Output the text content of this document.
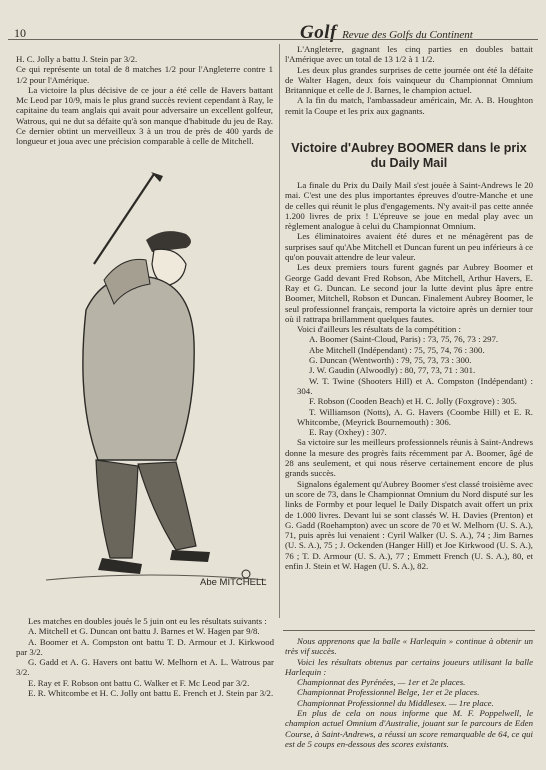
10	Golf Revue des Golfs du Continent

H. C. Jolly a battu J. Stein par 3/2.

Ce qui représente un total de 8 matches 1/2 pour l'Angleterre contre 1 1/2 pour l'Amérique.

La victoire la plus décisive de ce jour a été celle de Havers battant Mc Leod par 10/9, mais le plus grand succès revient cependant à Ray, le capitaine du team anglais qui avait pour adversaire un excellent golfeur, Watrous, qui ne dut sa défaite qu'à son manque d'habitude du jeu de Ray. Ce dernier obtint un merveilleux 3 à un trou de près de 400 yards de longueur et joua avec une précision comparable à celle de Mitchell.

Abe MITCHELL

L'Angleterre, gagnant les cinq parties en doubles battait l'Amérique avec un total de 13 1/2 à 1 1/2.

Les deux plus grandes surprises de cette journée ont été la défaite de Walter Hagen, deux fois vainqueur du Championnat Omnium Britannique et celle de J. Barnes, le champion actuel.

A la fin du match, l'ambassadeur américain, Mr. A. B. Houghton remit la Coupe et les prix aux gagnants.

Victoire d'Aubrey BOOMER dans le prix du Daily Mail

La finale du Prix du Daily Mail s'est jouée à Saint-Andrews le 20 mai. C'est une des plus importantes épreuves d'outre-Manche et une de celles qui réunit le plus d'engagements. N'y avait-il pas cette année 1.200 livres de prix ! L'épreuve se joue en medal play avec un règlement analogue à celui du Championnat Omnium.

Les éliminatoires avaient été dures et ne ménagèrent pas de surprises sauf qu'Abe Mitchell et Duncan furent un peu inférieurs à ce qu'on pouvait attendre de leur valeur.

Les deux premiers tours furent gagnés par Aubrey Boomer et George Gadd devant Fred Robson, Abe Mitchell, Arthur Havers, E. Ray et G. Duncan. Le second jour la lutte devint plus âpre entre Boomer, Mitchell, Robson et Duncan. Finalement Aubrey Boomer, le seul professionnel français, remporta la victoire après un dernier tour où il rattrapa brillamment quelques fautes.

Voici d'ailleurs les résultats de la compétition :

A. Boomer (Saint-Cloud, Paris) : 73, 75, 76, 73 : 297.

Abe Mitchell (Indépendant) : 75, 75, 74, 76 : 300.

G. Duncan (Wentworth) : 79, 75, 73, 73 : 300.

J. W. Gaudin (Alwoodly) : 80, 77, 73, 71 : 301.

W. T. Twine (Shooters Hill) et A. Compston (Indépendant) : 304.

F. Robson (Cooden Beach) et H. C. Jolly (Foxgrove) : 305.

T. Williamson (Notts), A. G. Havers (Coombe Hill) et E. R. Whitcombe, (Meyrick Bournemouth) : 306.

E. Ray (Oxhey) : 307.

Sa victoire sur les meilleurs professionnels réunis à Saint-Andrews donne la mesure des progrès faits récemment par A. Boomer, âgé de 28 ans seulement, et qui nous réserve certainement encore de plus grands succès.

Signalons également qu'Aubrey Boomer s'est classé troisième avec un score de 73, dans le Championnat Omnium du Nord disputé sur les links de Formby et pour lequel le Daily Dispatch avait offert un prix de 1.000 livres. Devant lui se sont classés W. H. Davies (Prenton) et G. Gadd (Roehampton) avec un score de 70 et W. Melhorn (U. S. A.), 71, puis après lui venaient : Cyril Walker (U. S. A.), 74 ; Jim Barnes (U. S. A.), 75 ; J. Ockenden (Hanger Hill) et Joe Kirkwood (U. S. A.), 76 ; T. D. Armour (U. S. A.), 77 ; Emmett French (U. S. A.), 80, et enfin J. Stein et W. Hagen (U. S. A.), 82.

Les matches en doubles joués le 5 juin ont eu les résultats suivants :

A. Mitchell et G. Duncan ont battu J. Barnes et W. Hagen par 9/8.

A. Boomer et A. Compston ont battu T. D. Armour et J. Kirkwood par 3/2.

G. Gadd et A. G. Havers ont battu W. Melhorn et A. L. Watrous par 3/2.

E. Ray et F. Robson ont battu C. Walker et F. Mc Leod par 3/2.

E. R. Whitcombe et H. C. Jolly ont battu E. French et J. Stein par 3/2.

Nous apprenons que la balle « Harlequin » continue à obtenir un très vif succès.

Voici les résultats obtenus par certains joueurs utilisant la balle Harlequin :

Championnat des Pyrénées, — 1er et 2e places.

Championnat Professionnel Belge, 1er et 2e places.

Championnat Professionnel du Middlesex. — 1re place.

En plus de cela on nous informe que M. F. Poppelwell, le champion actuel Omnium d'Australie, jouant sur le parcours de Eden Course, à Saint-Andrews, a réussi un score remarquable de 64, ce qui est de 5 coups en-dessous des scores existants.
